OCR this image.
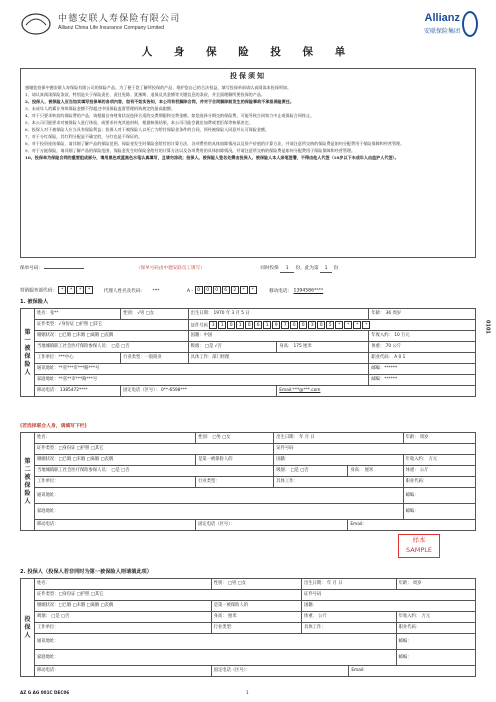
中德安联人寿保险有限公司
Allianz China Life Insurance Company Limited
Allianz
安联保险集团
人 身 保 险 投 保 单
投保须知
感谢您投保中德安联人寿保险有限公司的保险产品。为了便于您了解所投保的产品、维护您自己的合法权益，填写投保单前请认真阅读本投保须知。
1、请认真阅读保险条款，特别是关于保险责任、责任免除、犹豫期、退保及其金额等关键信息的条款，并全面理解所要投保的产品。
2、投保人、被保险人应当如实填写投保单的各项内容，如有不如实告知，本公司有权解除合同，并对于合同解除前发生的保险事故不承担保险责任。
3、未成年人的累计身故保险金额不得超过中国保险监督管理机构规定的最高限额。
4、对于只要求转款的保险费的产品，请根据自身财务状况选择合适的交费期限和交费金额。如您选择分期交纳保险费，可能导致合同效力中止或保险合同终止。
5、本公司可能要求对被保险人进行体检，或要求补充其他材料，根据核保结果，本公司可能会做出加费或者拒保等核保决定。
6、投保人对于被保险人应当具有保险利益；投保人对于被保险人以死亡为给付保险金条件的合同，须经被保险人同意并认可保险金额。
7、对于分红保险，其红利分配是不确定的，分红也是不保证的。
8、对于投资连结保险，请详细了解产品的保险范围，保险金发生时保险金给付的计算方法，各项费用的具体扣除情况以及资产价值的计算方法，并请注意所交纳的保险费是如何分配费用于保险保障和经营管理。
9、对于万能保险，请详细了解产品的保险范围，保险金发生时保险金给付的计算方法以及各项费用的具体扣除情况，并请注意所交纳的保险费是如何分配费用于保险保障和经营管理。
10、投保单为保险合同的重要组成部分，请用黑色或蓝黑色水笔认真填写，且请勿涂改；投保人、被保险人签名处需由投保人、被保险人本人亲笔签署，不得由他人代签（18岁以下未成年人由监护人代签）。
保单号码：	（保单号码由中德安联员工填写）	同时投保 1 份，此为第 1 份
营销服务部代码： * * * *	代理人姓名及代码： ***	A - 0 0 0 6 2 * *	移动电话： 1394586****
1. 被保险人
第一被保险人	姓名：张**	性别： √男 □女	出生日期： 1970 年 3 月 5 日		年龄： 36 周岁
	证件类型：√身份证 □护照 □其它		证件号码 3 1 0 1 0 6 1 9 7 0 0 3 0 5 * * * *		
	婚姻状况：□已婚 □未婚 □离婚 □丧偶		国籍：中国		年收入约： 10 万元
	当地城镇职工社会医疗保险参保人员： □是 □否		吸烟： □是 √否	身高： 175 厘米	体重： 70 公斤
	工作单位：***中心	行业类型：一般商业	具体工作：部门经理		职业代码： A 0 1
	通讯地址：**省***市***路***号				邮编：******
	家庭地址：**省**市***路***号				邮编：******
	移动电话： 1385472****	固定电话（区号）： 0**-6598***		Email:***@***.com	
(若选择联合人身，请填写下栏)
第二被保险人	姓名：	性别： □男 □女	出生日期： 年 月 日		年龄： 周岁
	证件类型：□身份证 □护照 □其它		证件号码		
	婚姻状况：□已婚 □未婚 □离婚 □丧偶	是第一被保险人的	国籍：		年收入约： 万元
	当地城镇职工社会医疗保险参保人员： □是 □否		吸烟： □是 □否	身高： 厘米	体重： 公斤
	工作单位：	行业类型：	具体工作：		职业代码：
	通讯地址：				邮编：
	家庭地址：				邮编：
	移动电话：	固定电话（区号）：		Email:	
样本
SAMPLE
2. 投保人（投保人若非同时为第一被保险人则请填此项）
投保人	姓名：	性别： □男 □女	出生日期： 年 月 日		年龄： 周岁
	证件类型：□身份证 □护照 □其它		证件号码		
	婚姻状况：□已婚 □未婚 □离婚 □丧偶	是第一被保险人的	国籍：		
	吸烟： □是 □否	身高： 厘米	体重： 公斤		年收入约： 万元
	工作单位：	行业类型：	具体工作：		职业代码：
	通讯地址：				邮编：
	家庭地址：				邮编：
	移动电话：	固定电话（区号）：		Email:	
0101
AZ G AG 001C DEC06	1
